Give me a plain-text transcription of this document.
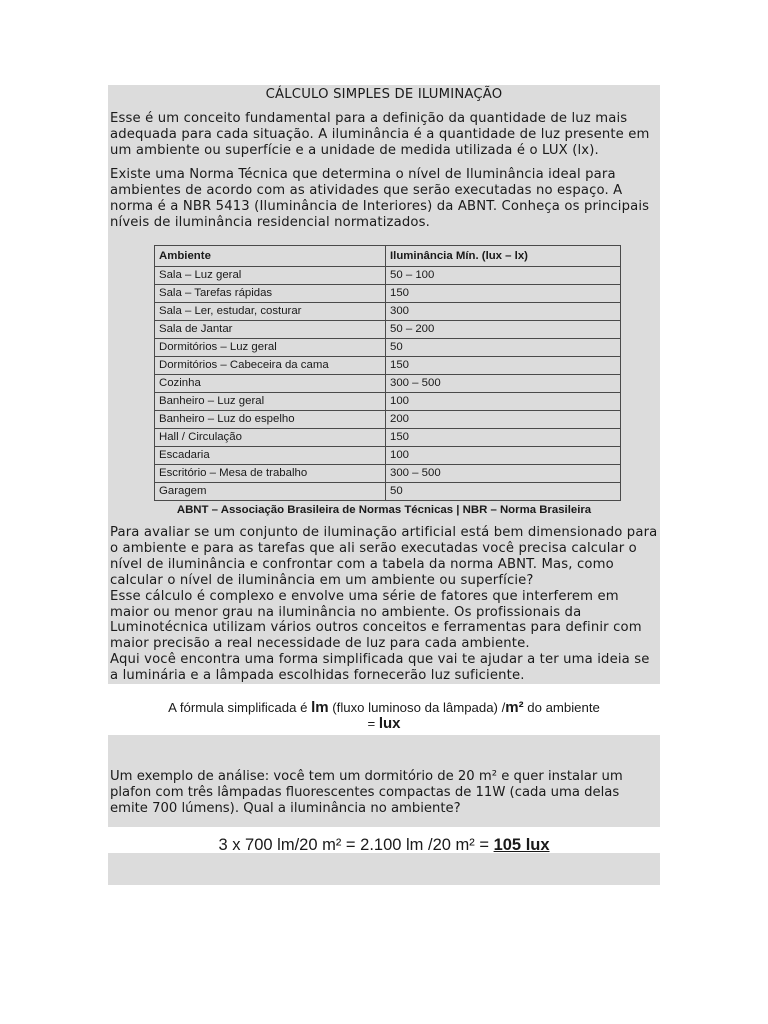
CÁLCULO SIMPLES DE ILUMINAÇÃO
Esse é um conceito fundamental para a definição da quantidade de luz mais adequada para cada situação. A iluminância é a quantidade de luz presente em um ambiente ou superfície e a unidade de medida utilizada é o LUX (lx).
Existe uma Norma Técnica que determina o nível de Iluminância ideal para ambientes de acordo com as atividades que serão executadas no espaço. A norma é a NBR 5413 (Iluminância de Interiores) da ABNT. Conheça os principais níveis de iluminância residencial normatizados.
Ambiente	Iluminância Mín. (lux – lx)
Sala – Luz geral	50 – 100
Sala – Tarefas rápidas	150
Sala – Ler, estudar, costurar	300
Sala de Jantar	50 – 200
Dormitórios – Luz geral	50
Dormitórios – Cabeceira da cama	150
Cozinha	300 – 500
Banheiro – Luz geral	100
Banheiro – Luz do espelho	200
Hall / Circulação	150
Escadaria	100
Escritório – Mesa de trabalho	300 – 500
Garagem	50
ABNT – Associação Brasileira de Normas Técnicas | NBR – Norma Brasileira
Para avaliar se um conjunto de iluminação artificial está bem dimensionado para o ambiente e para as tarefas que ali serão executadas você precisa calcular o nível de iluminância e confrontar com a tabela da norma ABNT. Mas, como calcular o nível de iluminância em um ambiente ou superfície?
Esse cálculo é complexo e envolve uma série de fatores que interferem em maior ou menor grau na iluminância no ambiente. Os profissionais da Luminotécnica utilizam vários outros conceitos e ferramentas para definir com maior precisão a real necessidade de luz para cada ambiente.
Aqui você encontra uma forma simplificada que vai te ajudar a ter uma ideia se a luminária e a lâmpada escolhidas fornecerão luz suficiente.
A fórmula simplificada é lm (fluxo luminoso da lâmpada) /m² do ambiente
= lux
Um exemplo de análise: você tem um dormitório de 20 m² e quer instalar um plafon com três lâmpadas fluorescentes compactas de 11W (cada uma delas emite 700 lúmens). Qual a iluminância no ambiente?
3 x 700 lm/20 m² = 2.100 lm /20 m² = 105 lux
